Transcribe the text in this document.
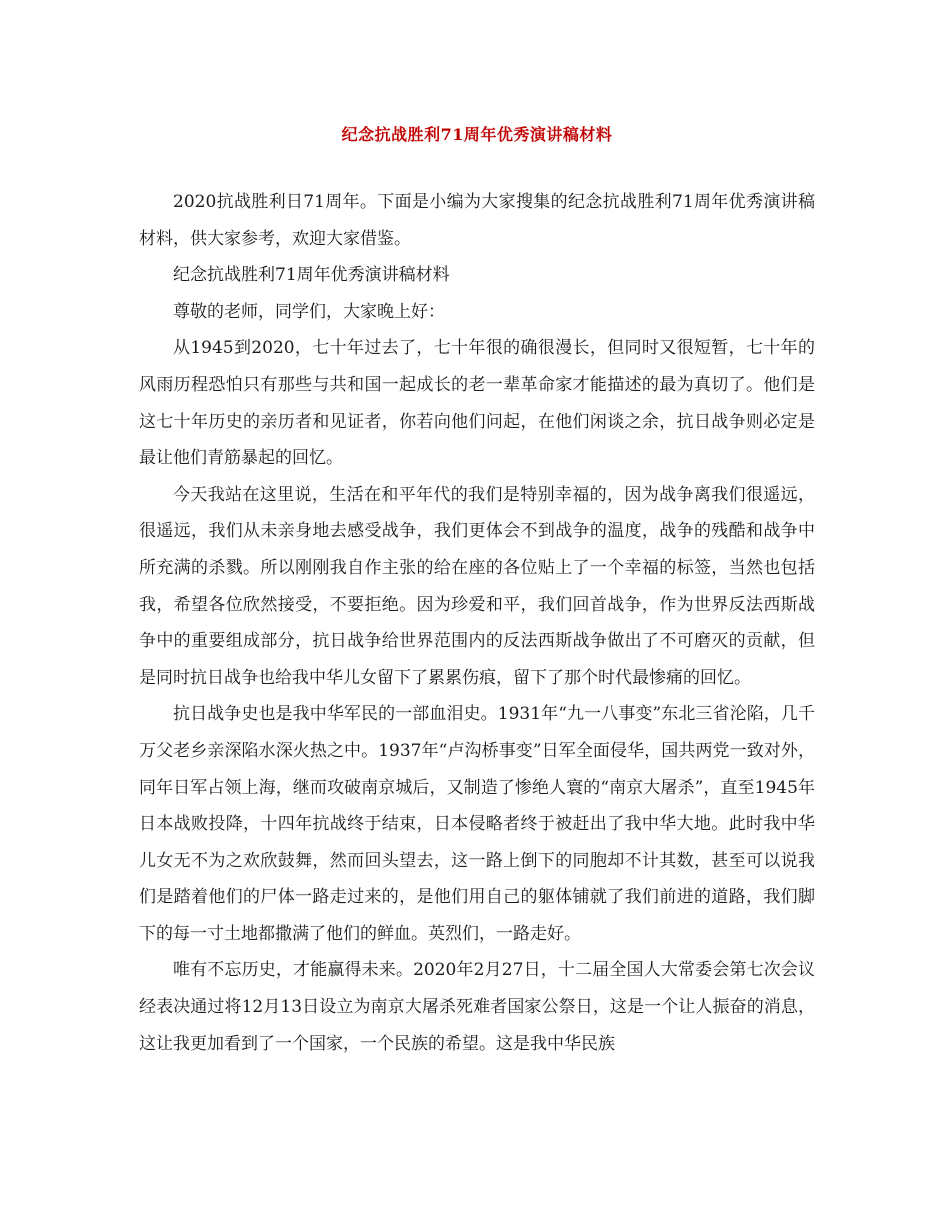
纪念抗战胜利71周年优秀演讲稿材料

2020抗战胜利日71周年。下面是小编为大家搜集的纪念抗战胜利71周年优秀演讲稿材料，供大家参考，欢迎大家借鉴。

纪念抗战胜利71周年优秀演讲稿材料

尊敬的老师，同学们，大家晚上好：

从1945到2020，七十年过去了，七十年很的确很漫长，但同时又很短暂，七十年的风雨历程恐怕只有那些与共和国一起成长的老一辈革命家才能描述的最为真切了。他们是这七十年历史的亲历者和见证者，你若向他们问起，在他们闲谈之余，抗日战争则必定是最让他们青筋暴起的回忆。

今天我站在这里说，生活在和平年代的我们是特别幸福的，因为战争离我们很遥远，很遥远，我们从未亲身地去感受战争，我们更体会不到战争的温度，战争的残酷和战争中所充满的杀戮。所以刚刚我自作主张的给在座的各位贴上了一个幸福的标签，当然也包括我，希望各位欣然接受，不要拒绝。因为珍爱和平，我们回首战争，作为世界反法西斯战争中的重要组成部分，抗日战争给世界范围内的反法西斯战争做出了不可磨灭的贡献，但是同时抗日战争也给我中华儿女留下了累累伤痕，留下了那个时代最惨痛的回忆。

抗日战争史也是我中华军民的一部血泪史。1931年“九一八事变”东北三省沦陷，几千万父老乡亲深陷水深火热之中。1937年“卢沟桥事变”日军全面侵华，国共两党一致对外，同年日军占领上海，继而攻破南京城后，又制造了惨绝人寰的“南京大屠杀”，直至1945年日本战败投降，十四年抗战终于结束，日本侵略者终于被赶出了我中华大地。此时我中华儿女无不为之欢欣鼓舞，然而回头望去，这一路上倒下的同胞却不计其数，甚至可以说我们是踏着他们的尸体一路走过来的，是他们用自己的躯体铺就了我们前进的道路，我们脚下的每一寸土地都撒满了他们的鲜血。英烈们，一路走好。

唯有不忘历史，才能赢得未来。2020年2月27日，十二届全国人大常委会第七次会议经表决通过将12月13日设立为南京大屠杀死难者国家公祭日，这是一个让人振奋的消息，这让我更加看到了一个国家，一个民族的希望。这是我中华民族
